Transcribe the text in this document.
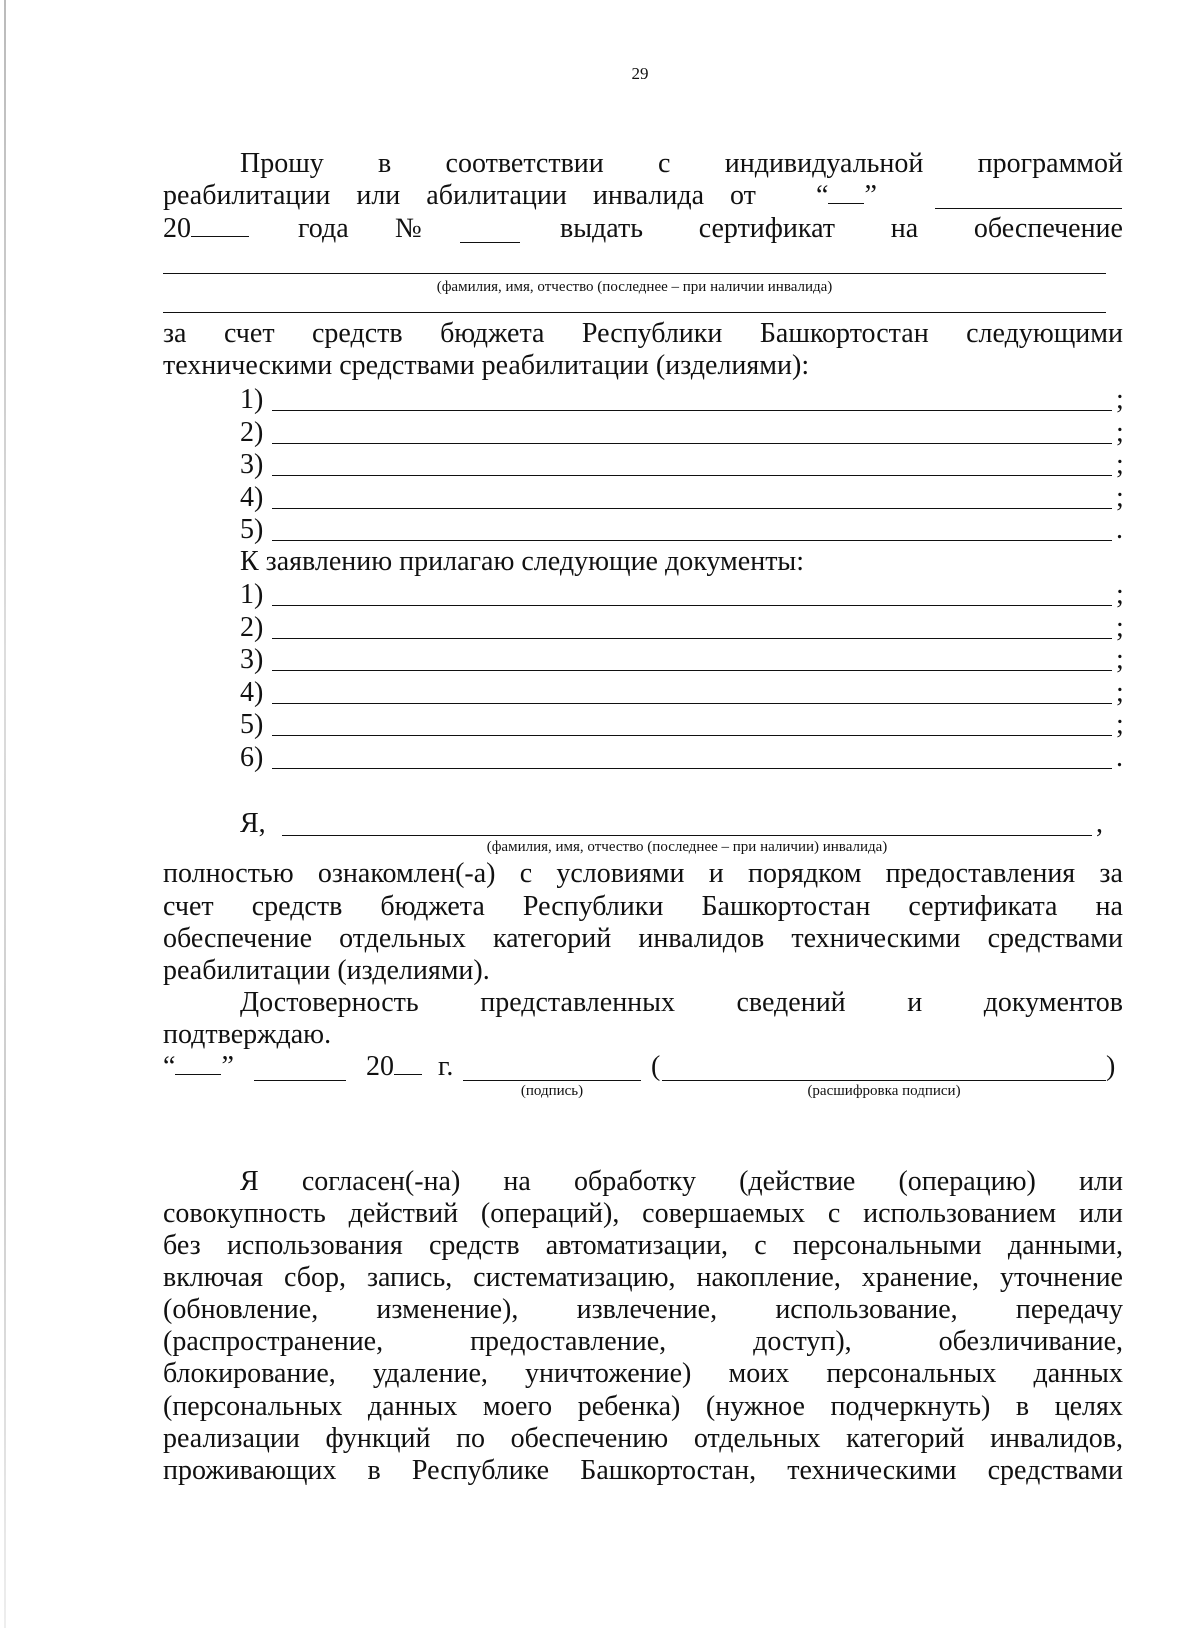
29
Прошу в соответствии с индивидуальной программой
реабилитации или абилитации инвалида от	“ ”
20	года №	выдать сертификат на обеспечение
(фамилия, имя, отчество (последнее – при наличии инвалида)
за счет средств бюджета Республики Башкортостан следующими
техническими средствами реабилитации (изделиями):
1)	;
2)	;
3)	;
4)	;
5)	.
К заявлению прилагаю следующие документы:
1)	;
2)	;
3)	;
4)	;
5)	;
6)	.
Я,	,
(фамилия, имя, отчество (последнее – при наличии) инвалида)
полностью ознакомлен(-а) с условиями и порядком предоставления за
счет средств бюджета Республики Башкортостан сертификата на
обеспечение отдельных категорий инвалидов техническими средствами
реабилитации (изделиями).
Достоверность представленных сведений и документов
подтверждаю.
“ ”	20	г.	(	)
(подпись)	(расшифровка подписи)
Я согласен(-на) на обработку (действие (операцию) или
совокупность действий (операций), совершаемых с использованием или
без использования средств автоматизации, с персональными данными,
включая сбор, запись, систематизацию, накопление, хранение, уточнение
(обновление, изменение), извлечение, использование, передачу
(распространение,	предоставление,	доступ),	обезличивание,
блокирование, удаление, уничтожение) моих персональных данных
(персональных данных моего ребенка) (нужное подчеркнуть) в целях
реализации функций по обеспечению отдельных категорий инвалидов,
проживающих в Республике Башкортостан, техническими средствами
